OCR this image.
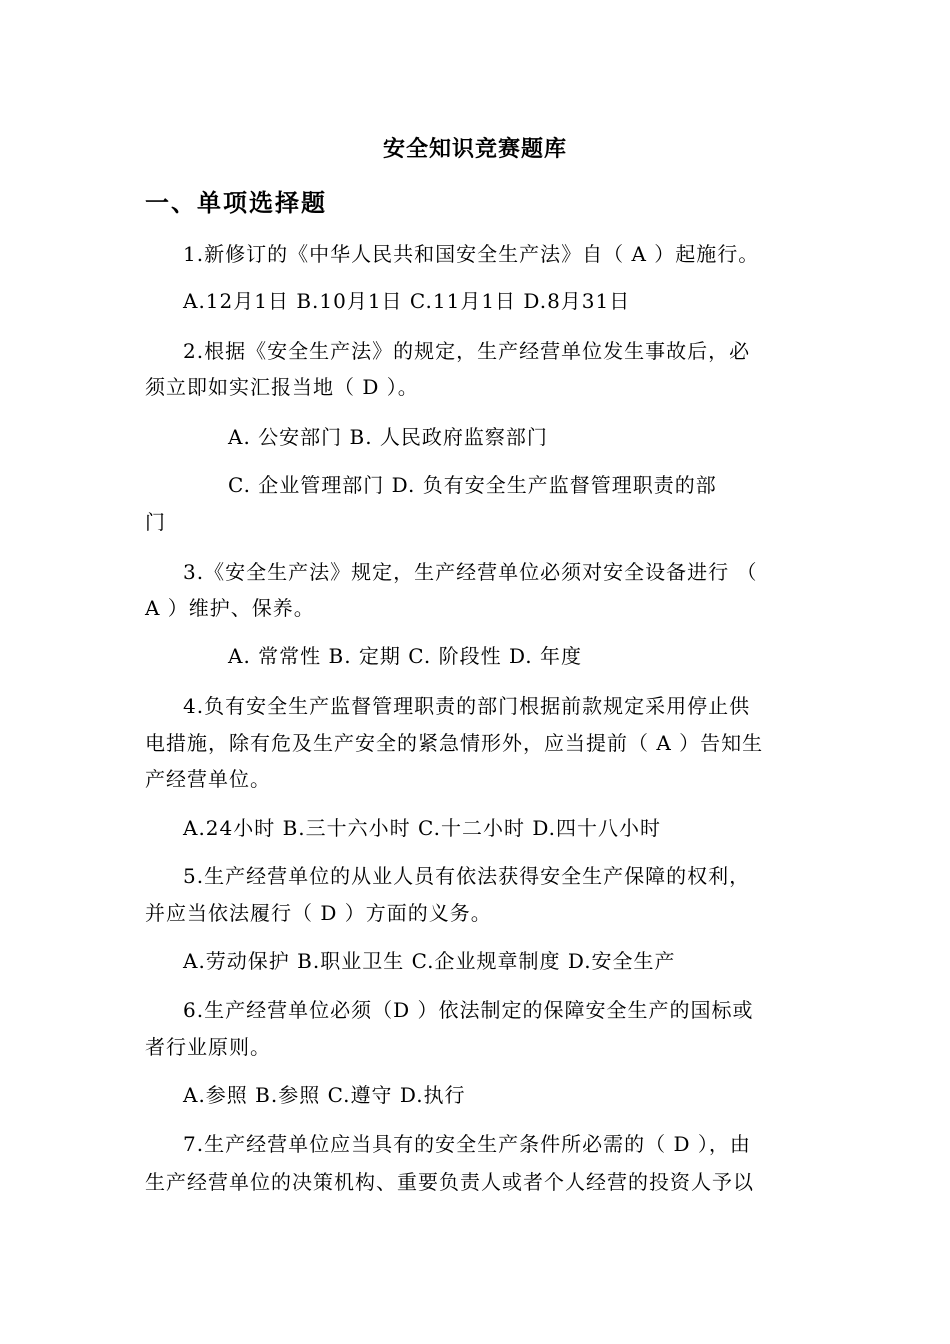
安全知识竞赛题库
一、单项选择题
1.新修订的《中华人民共和国安全生产法》自（ A ）起施行。
A.12月1日 B.10月1日 C.11月1日 D.8月31日
2.根据《安全生产法》的规定，生产经营单位发生事故后，必
须立即如实汇报当地（ D ）。
A. 公安部门 B. 人民政府监察部门
C. 企业管理部门 D. 负有安全生产监督管理职责的部
门
3.《安全生产法》规定，生产经营单位必须对安全设备进行 （
A ）维护、保养。
A. 常常性 B. 定期 C. 阶段性 D. 年度
4.负有安全生产监督管理职责的部门根据前款规定采用停止供
电措施，除有危及生产安全的紧急情形外，应当提前（ A ）告知生
产经营单位。
A.24小时 B.三十六小时 C.十二小时 D.四十八小时
5.生产经营单位的从业人员有依法获得安全生产保障的权利，
并应当依法履行（ D ）方面的义务。
A.劳动保护 B.职业卫生 C.企业规章制度 D.安全生产
6.生产经营单位必须（D ）依法制定的保障安全生产的国标或
者行业原则。
A.参照 B.参照 C.遵守 D.执行
7.生产经营单位应当具有的安全生产条件所必需的（ D ），由
生产经营单位的决策机构、重要负责人或者个人经营的投资人予以
